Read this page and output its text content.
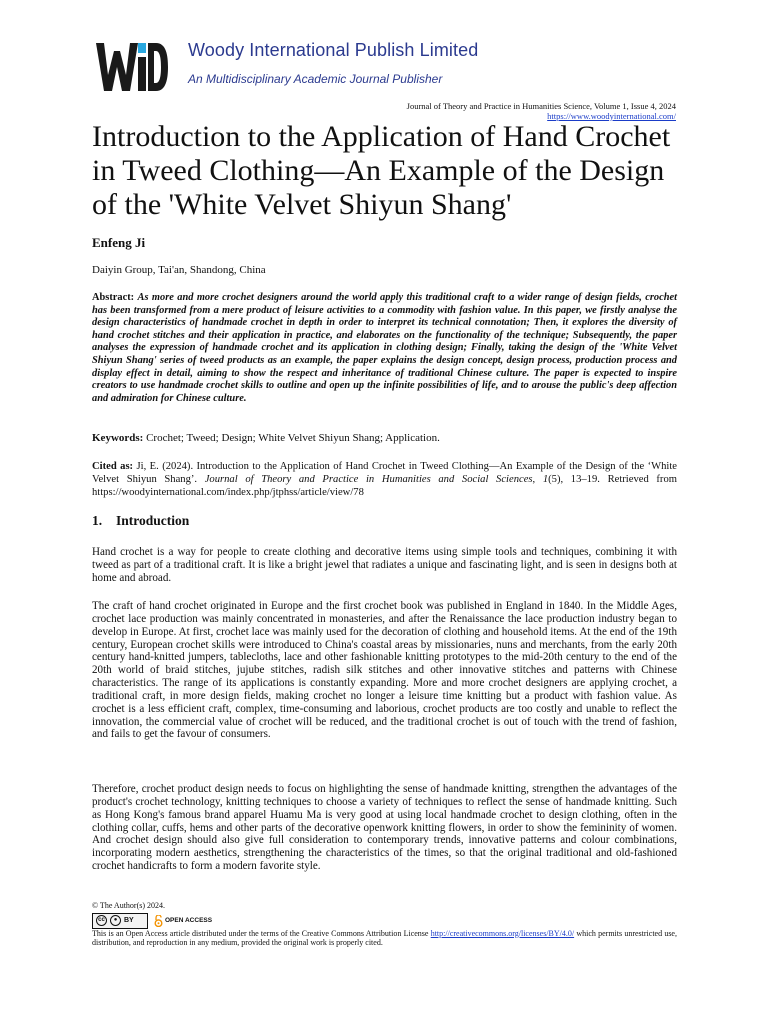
Woody International Publish Limited
An Multidisciplinary Academic Journal Publisher
Journal of Theory and Practice in Humanities Science, Volume 1, Issue 4, 2024
https://www.woodyinternational.com/
Introduction to the Application of Hand Crochet in Tweed Clothing—An Example of the Design of the 'White Velvet Shiyun Shang'
Enfeng Ji
Daiyin Group, Tai'an, Shandong, China
Abstract: As more and more crochet designers around the world apply this traditional craft to a wider range of design fields, crochet has been transformed from a mere product of leisure activities to a commodity with fashion value. In this paper, we firstly analyse the design characteristics of handmade crochet in depth in order to interpret its technical connotation; Then, it explores the diversity of hand crochet stitches and their application in practice, and elaborates on the functionality of the technique; Subsequently, the paper analyses the expression of handmade crochet and its application in clothing design; Finally, taking the design of the 'White Velvet Shiyun Shang' series of tweed products as an example, the paper explains the design concept, design process, production process and display effect in detail, aiming to show the respect and inheritance of traditional Chinese culture. The paper is expected to inspire creators to use handmade crochet skills to outline and open up the infinite possibilities of life, and to arouse the public's deep affection and admiration for Chinese culture.
Keywords: Crochet; Tweed; Design; White Velvet Shiyun Shang; Application.
Cited as: Ji, E. (2024). Introduction to the Application of Hand Crochet in Tweed Clothing—An Example of the Design of the ‘White Velvet Shiyun Shang’. Journal of Theory and Practice in Humanities and Social Sciences, 1(5), 13–19. Retrieved from https://woodyinternational.com/index.php/jtphss/article/view/78
1. Introduction

Hand crochet is a way for people to create clothing and decorative items using simple tools and techniques, combining it with tweed as part of a traditional craft. It is like a bright jewel that radiates a unique and fascinating light, and is seen in designs both at home and abroad.

The craft of hand crochet originated in Europe and the first crochet book was published in England in 1840. In the Middle Ages, crochet lace production was mainly concentrated in monasteries, and after the Renaissance the lace production industry began to develop in Europe. At first, crochet lace was mainly used for the decoration of clothing and household items. At the end of the 19th century, European crochet skills were introduced to China's coastal areas by missionaries, nuns and merchants, from the early 20th century hand-knitted jumpers, tablecloths, lace and other fashionable knitting prototypes to the mid-20th century to the end of the 20th world of braid stitches, jujube stitches, radish silk stitches and other innovative stitches and patterns with Chinese characteristics. The range of its applications is constantly expanding. More and more crochet designers are applying crochet, a traditional craft, in more design fields, making crochet no longer a leisure time knitting but a product with fashion value. As crochet is a less efficient craft, complex, time-consuming and laborious, crochet products are too costly and unable to reflect the innovation, the commercial value of crochet will be reduced, and the traditional crochet is out of touch with the trend of fashion, and fails to get the favour of consumers.

Therefore, crochet product design needs to focus on highlighting the sense of handmade knitting, strengthen the advantages of the product's crochet technology, knitting techniques to choose a variety of techniques to reflect the sense of handmade knitting. Such as Hong Kong's famous brand apparel Huamu Ma is very good at using local handmade crochet to design clothing, often in the clothing collar, cuffs, hems and other parts of the decorative openwork knitting flowers, in order to show the femininity of women. And crochet design should also give full consideration to contemporary trends, innovative patterns and colour combinations, incorporating modern aesthetics, strengthening the characteristics of the times, so that the original traditional and old-fashioned crochet handicrafts to form a modern favorite style.

© The Author(s) 2024.
cc	● BY	OPEN ACCESS
This is an Open Access article distributed under the terms of the Creative Commons Attribution License http://creativecommons.org/licenses/BY/4.0/ which permits unrestricted use, distribution, and reproduction in any medium, provided the original work is properly cited.
